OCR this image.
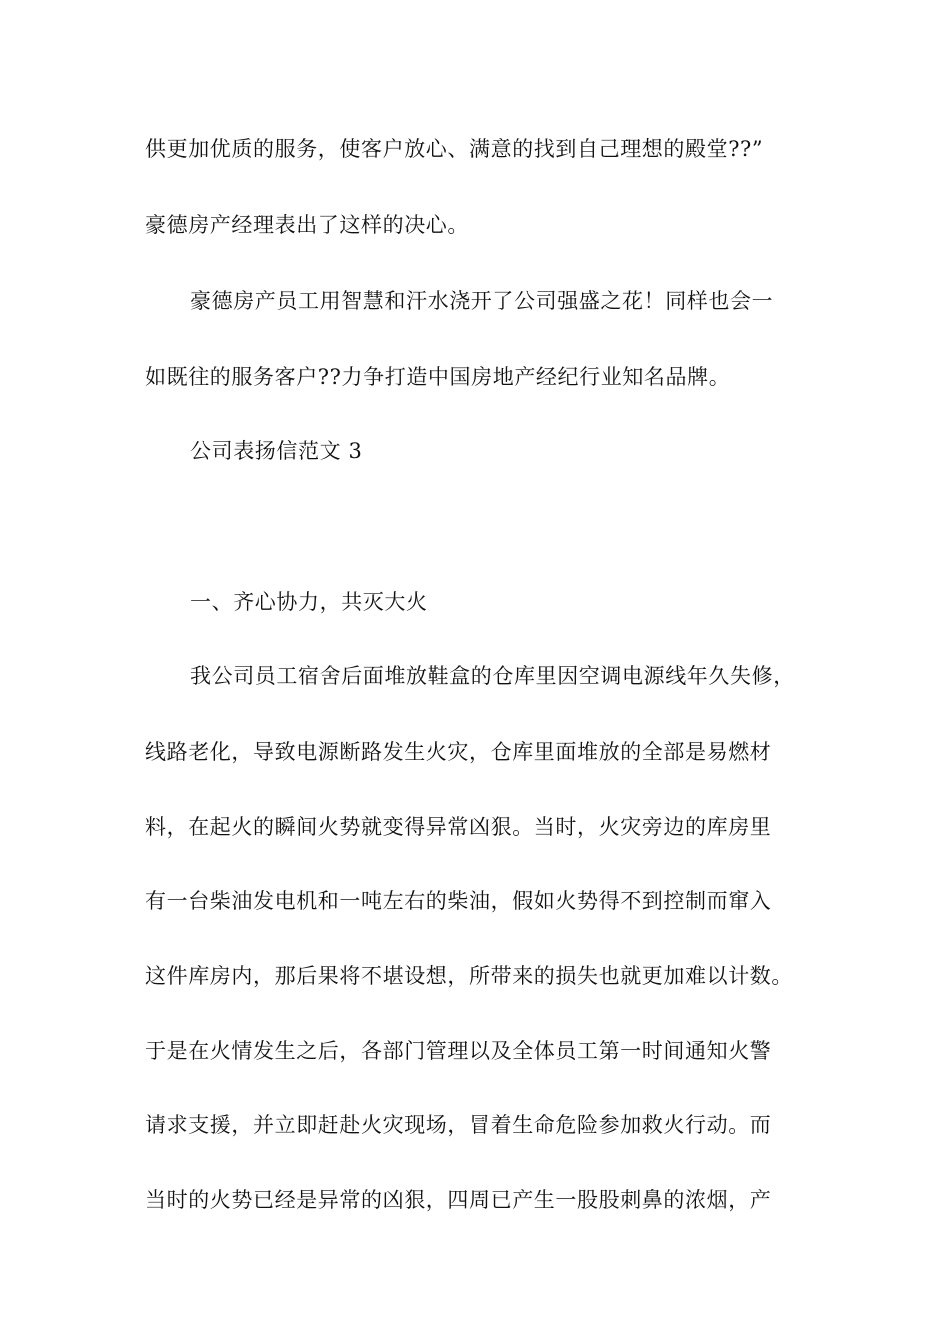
供更加优质的服务，使客户放心、满意的找到自己理想的殿堂??”
豪德房产经理表出了这样的决心。
豪德房产员工用智慧和汗水浇开了公司强盛之花！同样也会一
如既往的服务客户??力争打造中国房地产经纪行业知名品牌。
公司表扬信范文 3
一、齐心协力，共灭大火
我公司员工宿舍后面堆放鞋盒的仓库里因空调电源线年久失修，
线路老化，导致电源断路发生火灾，仓库里面堆放的全部是易燃材
料，在起火的瞬间火势就变得异常凶狠。当时，火灾旁边的库房里
有一台柴油发电机和一吨左右的柴油，假如火势得不到控制而窜入
这件库房内，那后果将不堪设想，所带来的损失也就更加难以计数。
于是在火情发生之后，各部门管理以及全体员工第一时间通知火警
请求支援，并立即赶赴火灾现场，冒着生命危险参加救火行动。而
当时的火势已经是异常的凶狠，四周已产生一股股刺鼻的浓烟，产
